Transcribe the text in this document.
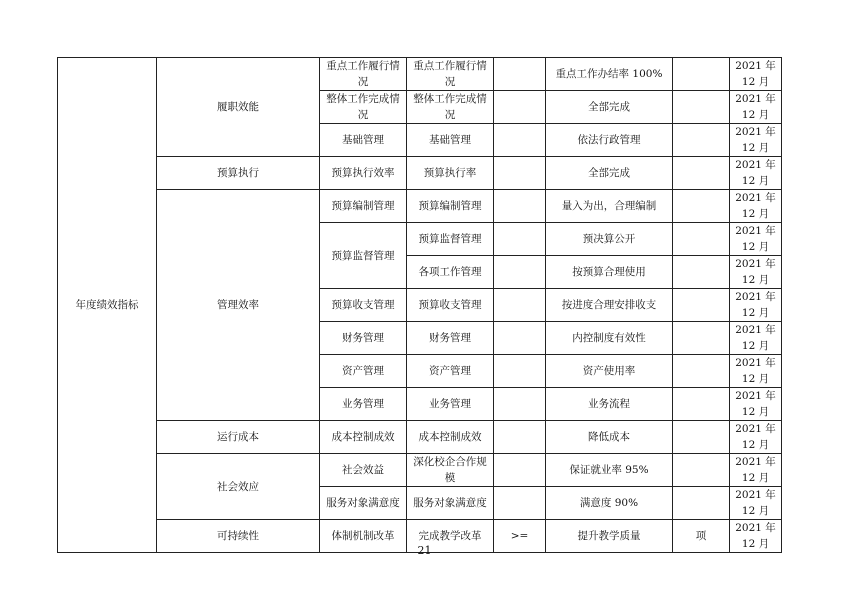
年度绩效指标	履职效能	重点工作履行情况	重点工作履行情况		重点工作办结率 100%		2021 年 12 月
		整体工作完成情况	整体工作完成情况		全部完成		2021 年 12 月
		基础管理	基础管理		依法行政管理		2021 年 12 月
	预算执行	预算执行效率	预算执行率		全部完成		2021 年 12 月
	管理效率	预算编制管理	预算编制管理		量入为出，合理编制		2021 年 12 月
		预算监督管理	预算监督管理		预决算公开		2021 年 12 月
			各项工作管理		按预算合理使用		2021 年 12 月
		预算收支管理	预算收支管理		按进度合理安排收支		2021 年 12 月
		财务管理	财务管理		内控制度有效性		2021 年 12 月
		资产管理	资产管理		资产使用率		2021 年 12 月
		业务管理	业务管理		业务流程		2021 年 12 月
	运行成本	成本控制成效	成本控制成效		降低成本		2021 年 12 月
	社会效应	社会效益	深化校企合作规模		保证就业率 95%		2021 年 12 月
		服务对象满意度	服务对象满意度		满意度 90%		2021 年 12 月
	可持续性	体制机制改革	完成教学改革	>=	提升教学质量	项	2021 年 12 月
21
